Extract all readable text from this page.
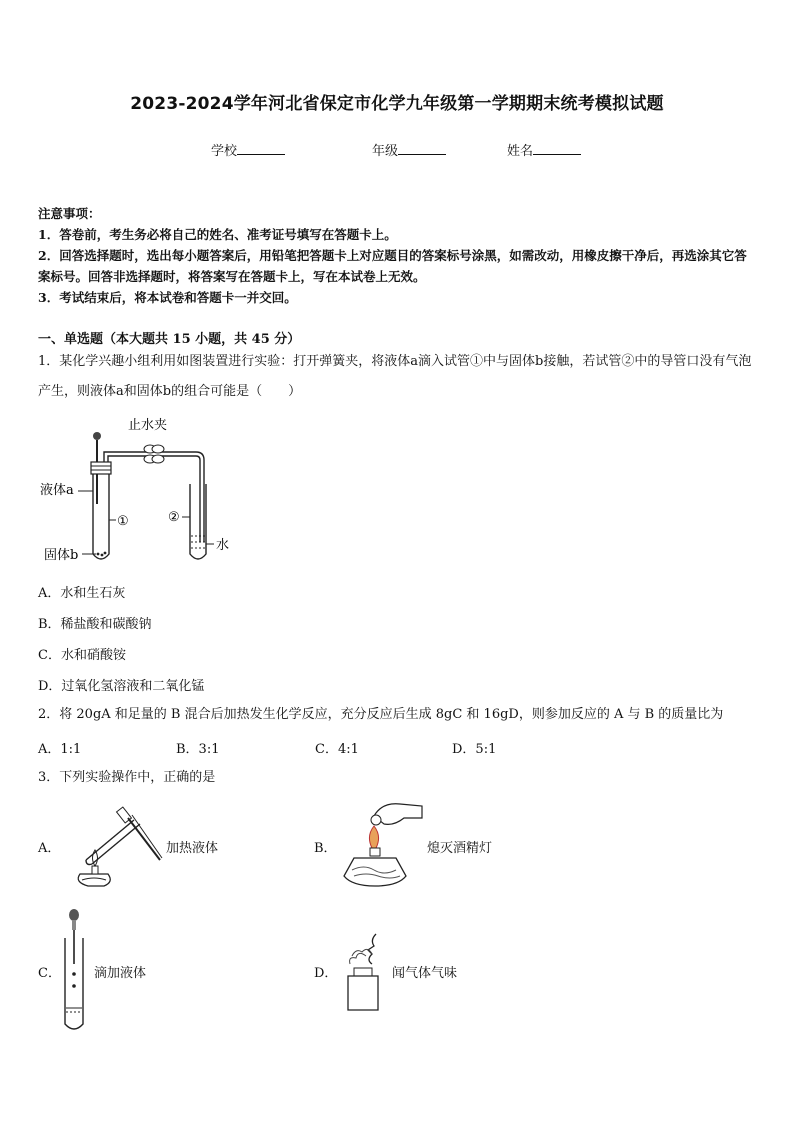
2023-2024学年河北省保定市化学九年级第一学期期末统考模拟试题
学校	年级	姓名
注意事项：
1．答卷前，考生务必将自己的姓名、准考证号填写在答题卡上。
2．回答选择题时，选出每小题答案后，用铅笔把答题卡上对应题目的答案标号涂黑，如需改动，用橡皮擦干净后，再选涂其它答案标号。回答非选择题时，将答案写在答题卡上，写在本试卷上无效。
3．考试结束后，将本试卷和答题卡一并交回。
一、单选题（本大题共 15 小题，共 45 分）
1．某化学兴趣小组利用如图装置进行实验：打开弹簧夹，将液体a滴入试管①中与固体b接触，若试管②中的导管口没有气泡产生，则液体a和固体b的组合可能是（　　）
止水夹
液体a
固体b
①	②
水
A．水和生石灰
B．稀盐酸和碳酸钠
C．水和硝酸铵
D．过氧化氢溶液和二氧化锰
2．将 20gA 和足量的 B 混合后加热发生化学反应，充分反应后生成 8gC 和 16gD，则参加反应的 A 与 B 的质量比为
A．1:1	B．3:1	C．4:1	D．5:1
3．下列实验操作中，正确的是
A．	加热液体	B．	熄灭酒精灯
C．	滴加液体	D．	闻气体气味
